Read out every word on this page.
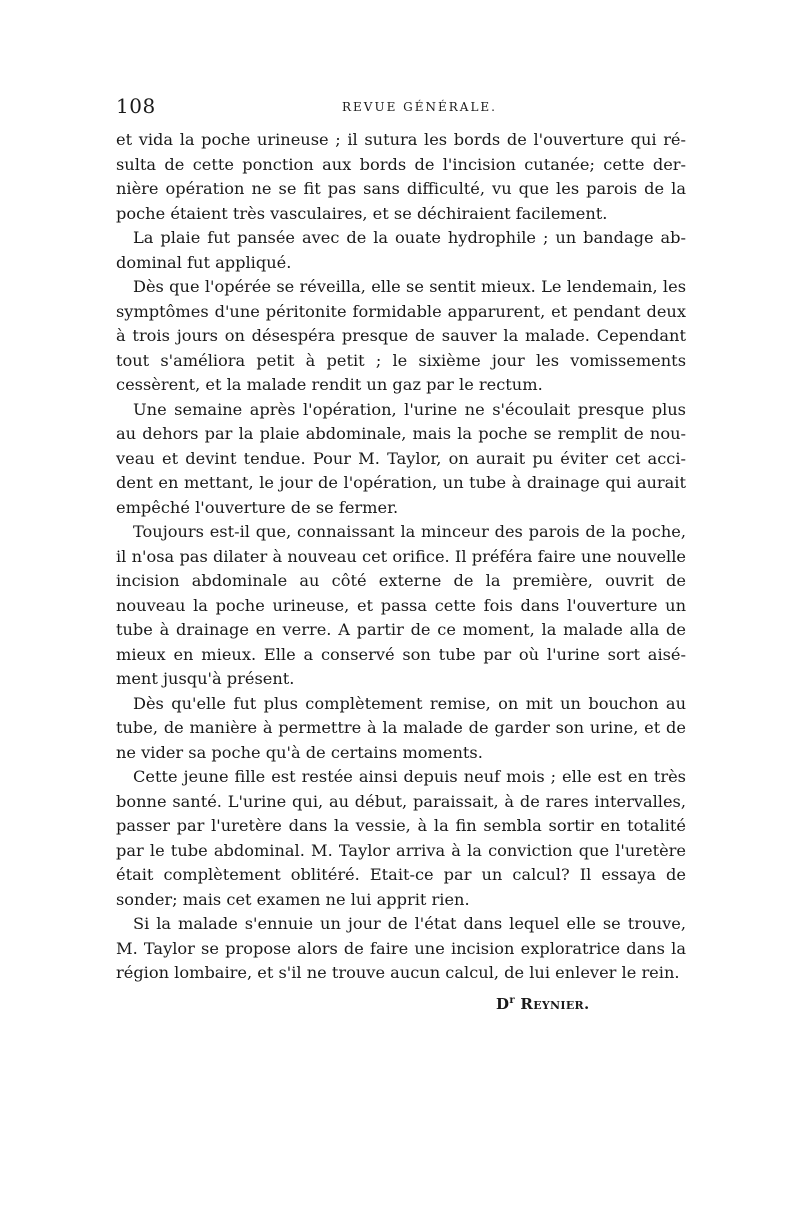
108	REVUE GÉNÉRALE.

et vida la poche urineuse ; il sutura les bords de l'ouverture qui résulta de cette ponction aux bords de l'incision cutanée; cette dernière opération ne se fit pas sans difficulté, vu que les parois de la poche étaient très vasculaires, et se déchiraient facilement.

La plaie fut pansée avec de la ouate hydrophile ; un bandage abdominal fut appliqué.

Dès que l'opérée se réveilla, elle se sentit mieux. Le lendemain, les symptômes d'une péritonite formidable apparurent, et pendant deux à trois jours on désespéra presque de sauver la malade. Cependant tout s'améliora petit à petit ; le sixième jour les vomissements cessèrent, et la malade rendit un gaz par le rectum.

Une semaine après l'opération, l'urine ne s'écoulait presque plus au dehors par la plaie abdominale, mais la poche se remplit de nouveau et devint tendue. Pour M. Taylor, on aurait pu éviter cet accident en mettant, le jour de l'opération, un tube à drainage qui aurait empêché l'ouverture de se fermer.

Toujours est-il que, connaissant la minceur des parois de la poche, il n'osa pas dilater à nouveau cet orifice. Il préféra faire une nouvelle incision abdominale au côté externe de la première, ouvrit de nouveau la poche urineuse, et passa cette fois dans l'ouverture un tube à drainage en verre. A partir de ce moment, la malade alla de mieux en mieux. Elle a conservé son tube par où l'urine sort aisément jusqu'à présent.

Dès qu'elle fut plus complètement remise, on mit un bouchon au tube, de manière à permettre à la malade de garder son urine, et de ne vider sa poche qu'à de certains moments.

Cette jeune fille est restée ainsi depuis neuf mois ; elle est en très bonne santé. L'urine qui, au début, paraissait, à de rares intervalles, passer par l'uretère dans la vessie, à la fin sembla sortir en totalité par le tube abdominal. M. Taylor arriva à la conviction que l'uretère était complètement oblitéré. Etait-ce par un calcul? Il essaya de sonder; mais cet examen ne lui apprit rien.

Si la malade s'ennuie un jour de l'état dans lequel elle se trouve, M. Taylor se propose alors de faire une incision exploratrice dans la région lombaire, et s'il ne trouve aucun calcul, de lui enlever le rein.

$D^r$ Reynier.
